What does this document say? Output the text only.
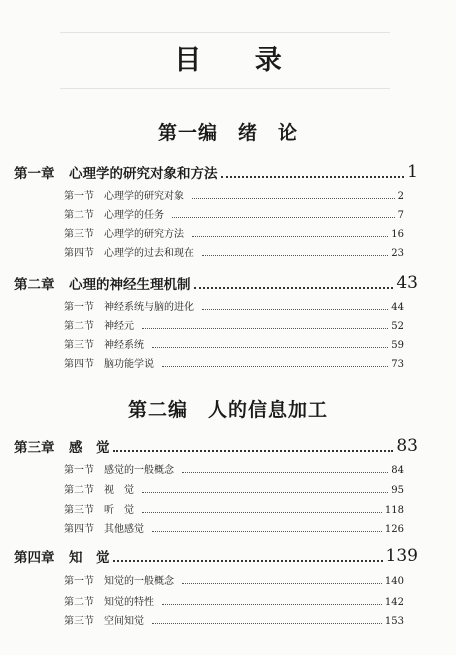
目 录
第一编　绪　论
第一章	心理学的研究对象和方法	1
第一节	心理学的研究对象	2
第二节	心理学的任务	7
第三节	心理学的研究方法	16
第四节	心理学的过去和现在	23
第二章	心理的神经生理机制	43
第一节	神经系统与脑的进化	44
第二节	神经元	52
第三节	神经系统	59
第四节	脑功能学说	73
第二编　人的信息加工
第三章	感　觉	83
第一节	感觉的一般概念	84
第二节	视　觉	95
第三节	听　觉	118
第四节	其他感觉	126
第四章	知　觉	139
第一节	知觉的一般概念	140
第二节	知觉的特性	142
第三节	空间知觉	153
